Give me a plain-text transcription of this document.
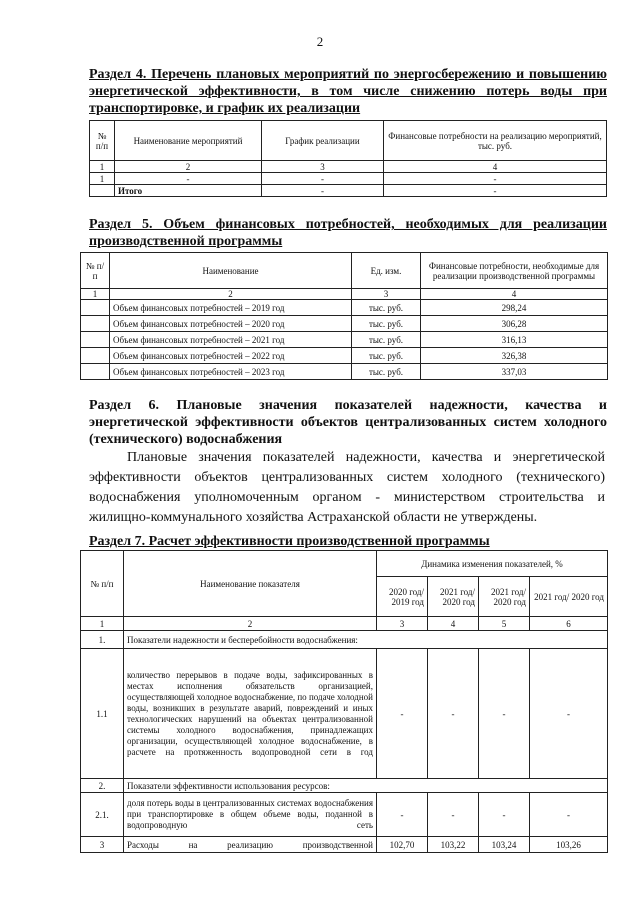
2
Раздел 4. Перечень плановых мероприятий по энергосбережению и повышению энергетической эффективности, в том числе снижению потерь воды при транспортировке, и график их реализации
№ п/п	Наименование мероприятий	График реализации	Финансовые потребности на реализацию мероприятий, тыс. руб.
1	2	3	4
1	-	-	-
	Итого	-	-
Раздел 5. Объем финансовых потребностей, необходимых для реализации производственной программы
№ п/п	Наименование	Ед. изм.	Финансовые потребности, необходимые для реализации производственной программы
1	2	3	4
	Объем финансовых потребностей – 2019 год	тыс. руб.	298,24
	Объем финансовых потребностей – 2020 год	тыс. руб.	306,28
	Объем финансовых потребностей – 2021 год	тыс. руб.	316,13
	Объем финансовых потребностей – 2022 год	тыс. руб.	326,38
	Объем финансовых потребностей – 2023 год	тыс. руб.	337,03
Раздел 6. Плановые значения показателей надежности, качества и энергетической эффективности объектов централизованных систем холодного (технического) водоснабжения

Плановые значения показателей надежности, качества и энергетической эффективности объектов централизованных систем холодного (технического) водоснабжения уполномоченным органом - министерством строительства и жилищно-коммунального хозяйства Астраханской области не утверждены.

Раздел 7. Расчет эффективности производственной программы
№ п/п	Наименование показателя	Динамика изменения показателей, %			
		2020 год/ 2019 год	2021 год/ 2020 год	2021 год/ 2020 год	2021 год/ 2020 год
1	2	3	4	5	6
1.	Показатели надежности и бесперебойности водоснабжения:				
1.1	количество перерывов в подаче воды, зафиксированных в местах исполнения обязательств организацией, осуществляющей холодное водоснабжение, по подаче холодной воды, возникших в результате аварий, повреждений и иных технологических нарушений на объектах централизованной системы холодного водоснабжения, принадлежащих организации, осуществляющей холодное водоснабжение, в расчете на протяженность водопроводной сети в год	-	-	-	-
2.	Показатели эффективности использования ресурсов:				
2.1.	доля потерь воды в централизованных системах водоснабжения при транспортировке в общем объеме воды, поданной в водопроводную сеть	-	-	-	-
3	Расходы на реализацию производственной	102,70	103,22	103,24	103,26
